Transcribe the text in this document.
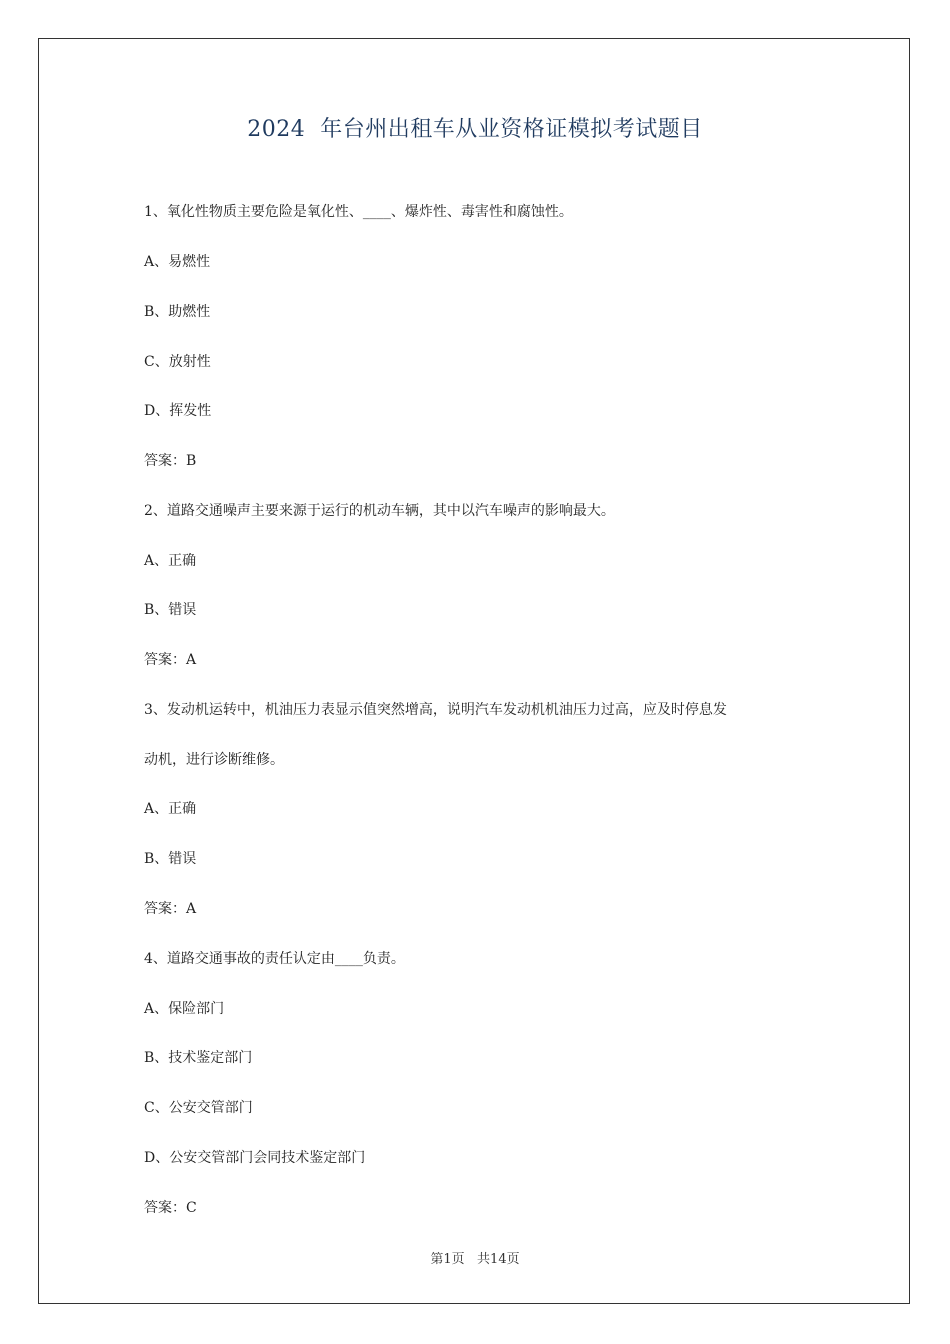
2024  年台州出租车从业资格证模拟考试题目
1、氧化性物质主要危险是氧化性、____、爆炸性、毒害性和腐蚀性。
A、易燃性
B、助燃性
C、放射性
D、挥发性
答案：B
2、道路交通噪声主要来源于运行的机动车辆，其中以汽车噪声的影响最大。
A、正确
B、错误
答案：A
3、发动机运转中，机油压力表显示值突然增高，说明汽车发动机机油压力过高，应及时停息发
动机，进行诊断维修。
A、正确
B、错误
答案：A
4、道路交通事故的责任认定由____负责。
A、保险部门
B、技术鉴定部门
C、公安交管部门
D、公安交管部门会同技术鉴定部门
答案：C
第1页   共14页
